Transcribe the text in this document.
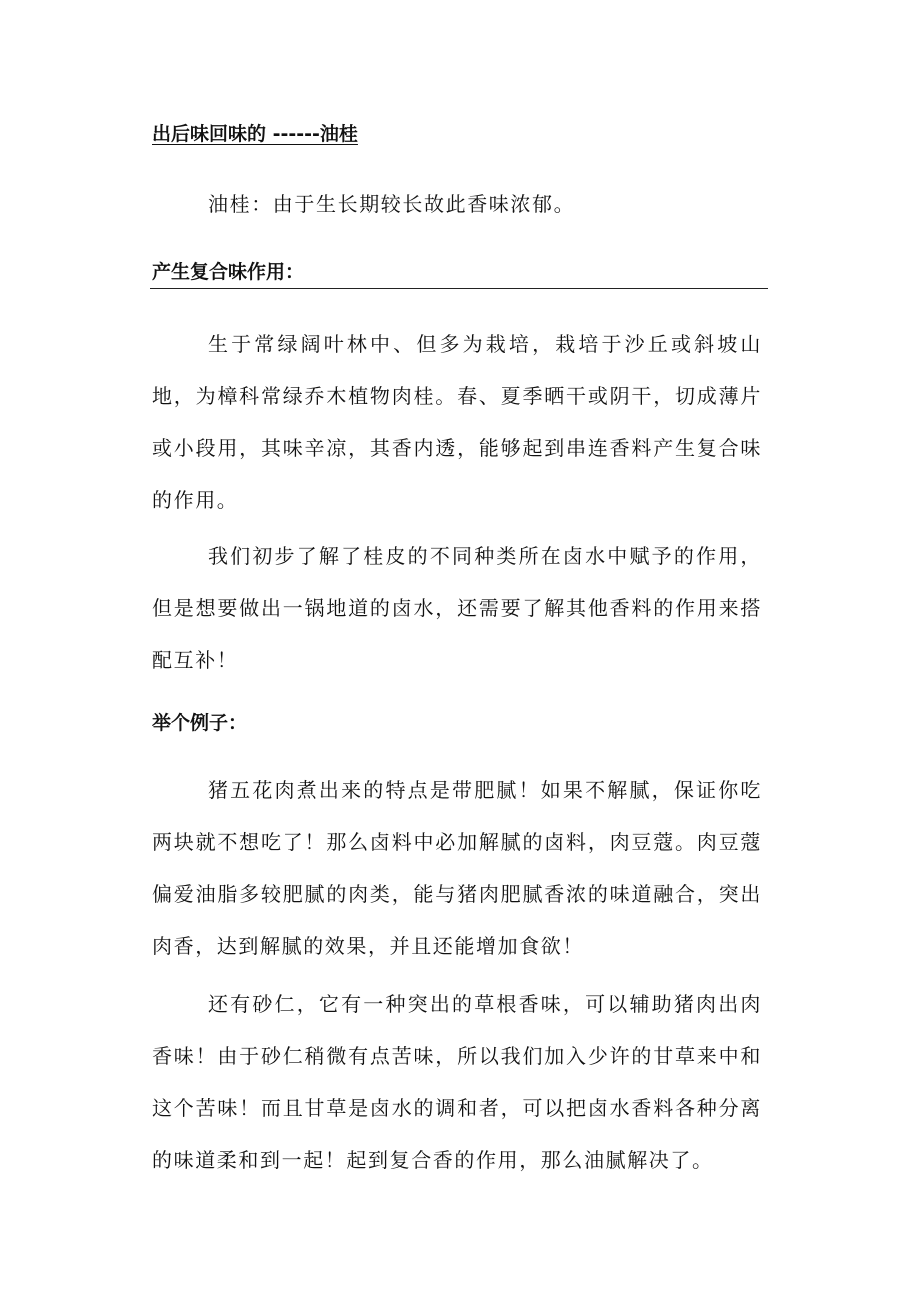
出后味回味的 ------油桂
油桂：由于生长期较长故此香味浓郁。
产生复合味作用：
生于常绿阔叶林中、但多为栽培，栽培于沙丘或斜坡山地，为樟科常绿乔木植物肉桂。春、夏季晒干或阴干，切成薄片或小段用，其味辛凉，其香内透，能够起到串连香料产生复合味的作用。
我们初步了解了桂皮的不同种类所在卤水中赋予的作用，但是想要做出一锅地道的卤水，还需要了解其他香料的作用来搭配互补！
举个例子：
猪五花肉煮出来的特点是带肥腻！如果不解腻，保证你吃两块就不想吃了！那么卤料中必加解腻的卤料，肉豆蔻。肉豆蔻偏爱油脂多较肥腻的肉类，能与猪肉肥腻香浓的味道融合，突出肉香，达到解腻的效果，并且还能增加食欲！
还有砂仁，它有一种突出的草根香味，可以辅助猪肉出肉香味！由于砂仁稍微有点苦味，所以我们加入少许的甘草来中和这个苦味！而且甘草是卤水的调和者，可以把卤水香料各种分离的味道柔和到一起！起到复合香的作用，那么油腻解决了。
